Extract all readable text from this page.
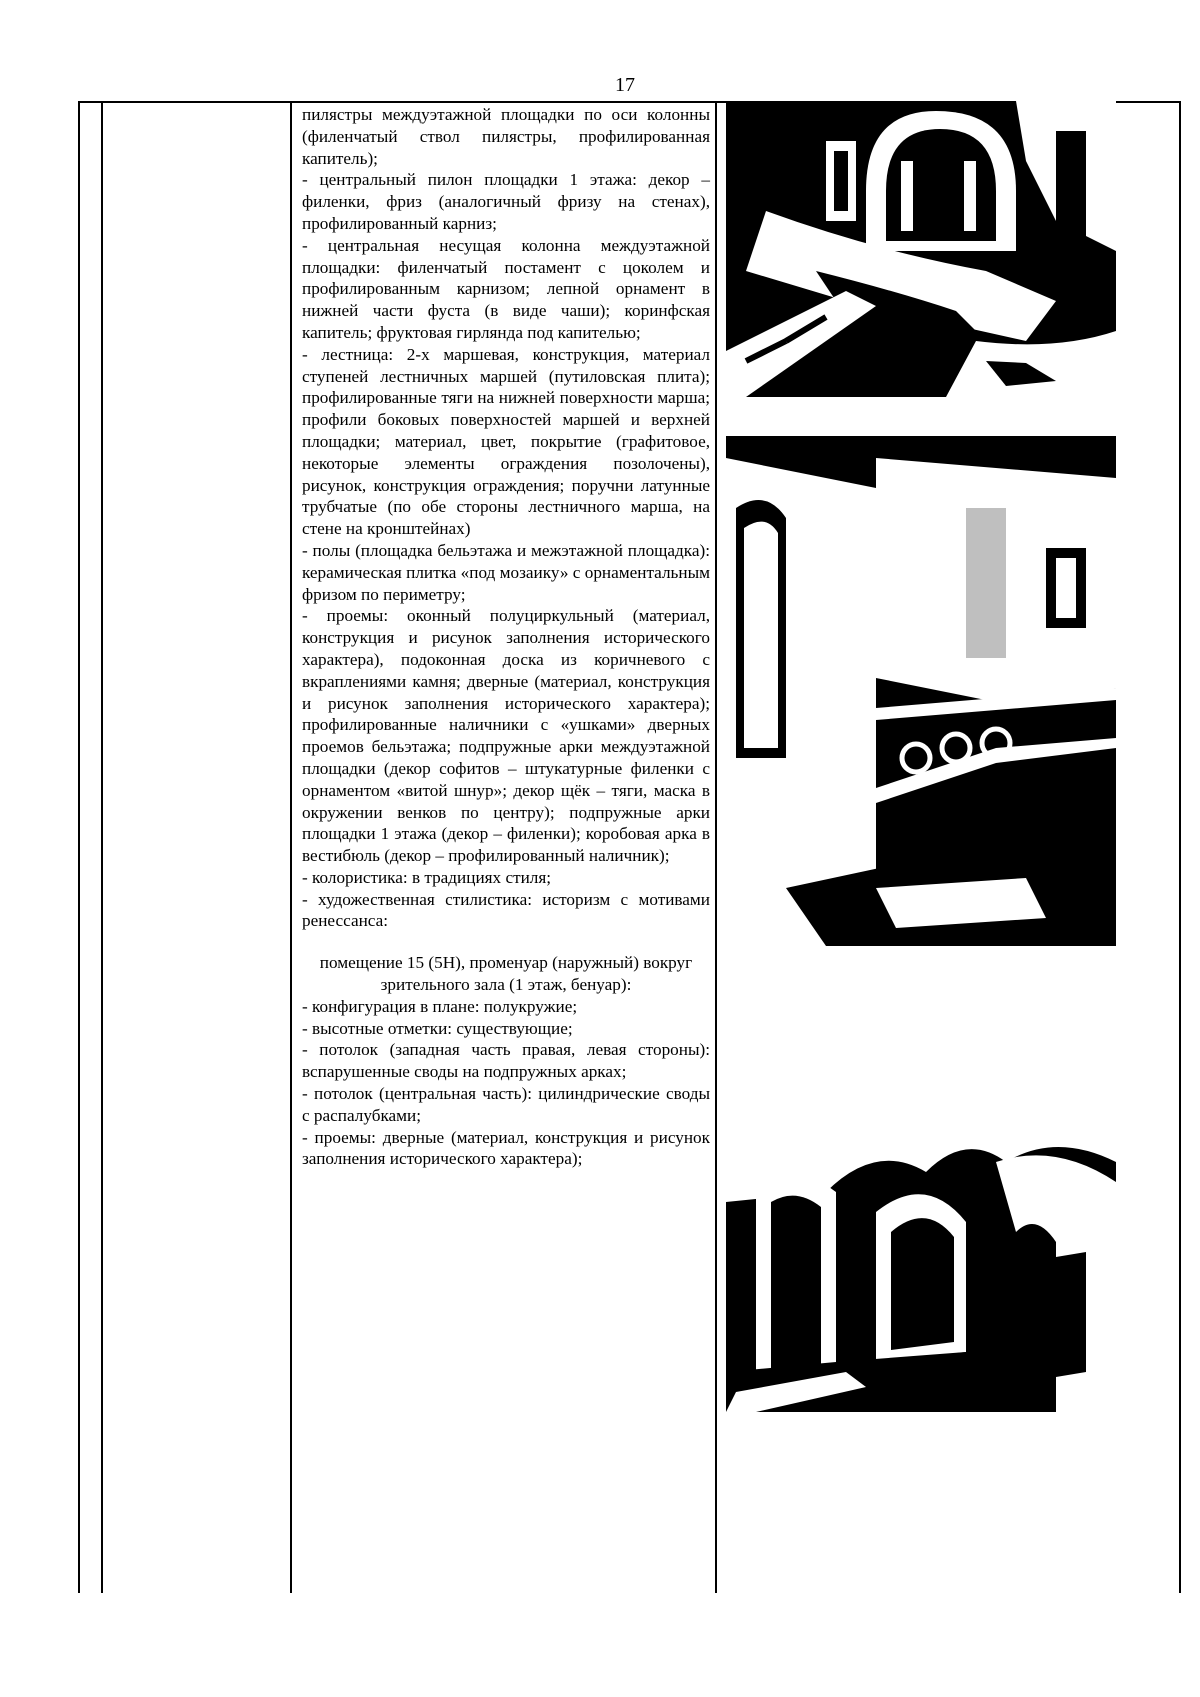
17

пилястры междуэтажной площадки по оси колонны (филенчатый ствол пилястры, профилированная капитель);

- центральный пилон площадки 1 этажа: декор – филенки, фриз (аналогичный фризу на стенах), профилированный карниз;

- центральная несущая колонна междуэтажной площадки: филенчатый постамент с цоколем и профилированным карнизом; лепной орнамент в нижней части фуста (в виде чаши); коринфская капитель; фруктовая гирлянда под капителью;

- лестница: 2-х маршевая, конструкция, материал ступеней лестничных маршей (путиловская плита); профилированные тяги на нижней поверхности марша; профили боковых поверхностей маршей и верхней площадки; материал, цвет, покрытие (графитовое, некоторые элементы ограждения позолочены), рисунок, конструкция ограждения; поручни латунные трубчатые (по обе стороны лестничного марша, на стене на кронштейнах)

- полы (площадка бельэтажа и межэтажной площадка): керамическая плитка «под мозаику» с орнаментальным фризом по периметру;

- проемы: оконный полуциркульный (материал, конструкция и рисунок заполнения исторического характера), подоконная доска из коричневого с вкраплениями камня; дверные (материал, конструкция и рисунок заполнения исторического характера); профилированные наличники с «ушками» дверных проемов бельэтажа; подпружные арки междуэтажной площадки (декор софитов – штукатурные филенки с орнаментом «витой шнур»; декор щёк – тяги, маска в окружении венков по центру); подпружные арки площадки 1 этажа (декор – филенки); коробовая арка в вестибюль (декор – профилированный наличник);

- колористика: в традициях стиля;

- художественная стилистика: историзм с мотивами ренессанса:

помещение 15 (5Н), променуар (наружный) вокруг зрительного зала (1 этаж, бенуар):

- конфигурация в плане: полукружие;

- высотные отметки: существующие;

- потолок (западная часть правая, левая стороны): вспарушенные своды на подпружных арках;

- потолок (центральная часть): цилиндрические своды с распалубками;

- проемы: дверные (материал, конструкция и рисунок заполнения исторического характера);
